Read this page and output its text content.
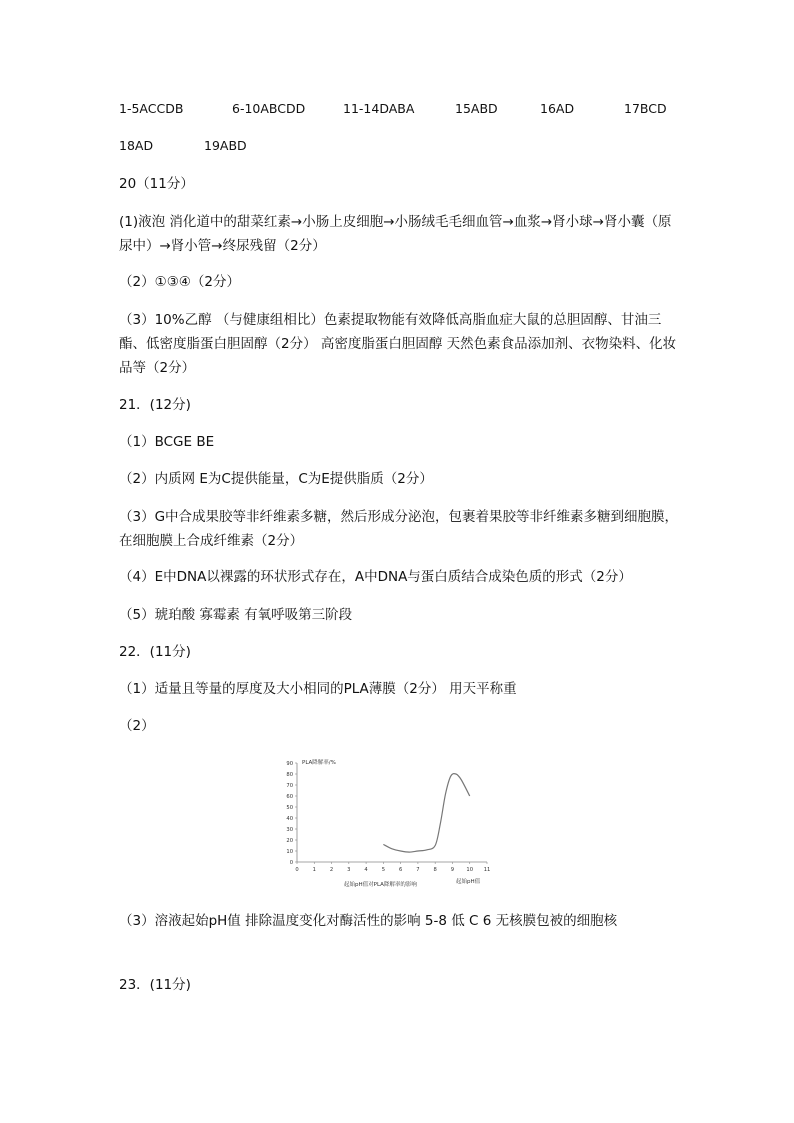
1-5ACCDB	6-10ABCDD	11-14DABA	15ABD	16AD	17BCD
18AD	19ABD
20（11分）
(1)液泡 消化道中的甜菜红素→小肠上皮细胞→小肠绒毛毛细血管→血浆→肾小球→肾小囊（原尿中）→肾小管→终尿残留（2分）
（2）①③④（2分）
（3）10%乙醇 （与健康组相比）色素提取物能有效降低高脂血症大鼠的总胆固醇、甘油三酯、低密度脂蛋白胆固醇（2分） 高密度脂蛋白胆固醇 天然色素食品添加剂、衣物染料、化妆品等（2分）
21．(12分)
（1）BCGE BE
（2）内质网 E为C提供能量，C为E提供脂质（2分）
（3）G中合成果胶等非纤维素多糖，然后形成分泌泡，包裹着果胶等非纤维素多糖到细胞膜，在细胞膜上合成纤维素（2分）
（4）E中DNA以裸露的环状形式存在，A中DNA与蛋白质结合成染色质的形式（2分）
（5）琥珀酸 寡霉素 有氧呼吸第三阶段
22．(11分)
（1）适量且等量的厚度及大小相同的PLA薄膜（2分） 用天平称重
（2）
0
10
20
30
40
50
60
70
80
90
0	1	2	3	4	5	6	7	8	9 10 11
PLA降解率/%
起始pH值
起始pH值对PLA降解率的影响
（3）溶液起始pH值 排除温度变化对酶活性的影响 5-8 低 C 6 无核膜包被的细胞核
23．(11分)
